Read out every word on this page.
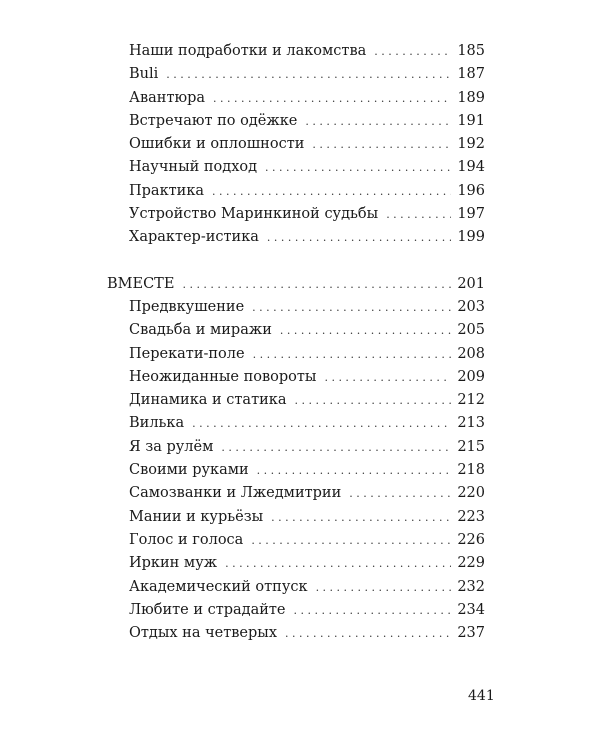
Наши подработки и лакомства . . .	185
Buli . . .	187
Авантюра . . .	189
Встречают по одёжке . . .	191
Ошибки и оплошности . . .	192
Научный подход . . .	194
Практика . . .	196
Устройство Маринкиной судьбы . . .	197
Характер-истика . . .	199
ВМЕСТЕ . . .	201
Предвкушение . . .	203
Свадьба и миражи . . .	205
Перекати-поле . . .	208
Неожиданные повороты . . .	209
Динамика и статика . . .	212
Вилька . . .	213
Я за рулём . . .	215
Своими руками . . .	218
Самозванки и Лжедмитрии . . .	220
Мании и курьёзы . . .	223
Голос и голоса . . .	226
Иркин муж . . .	229
Академический отпуск . . .	232
Любите и страдайте . . .	234
Отдых на четверых . . .	237
441
